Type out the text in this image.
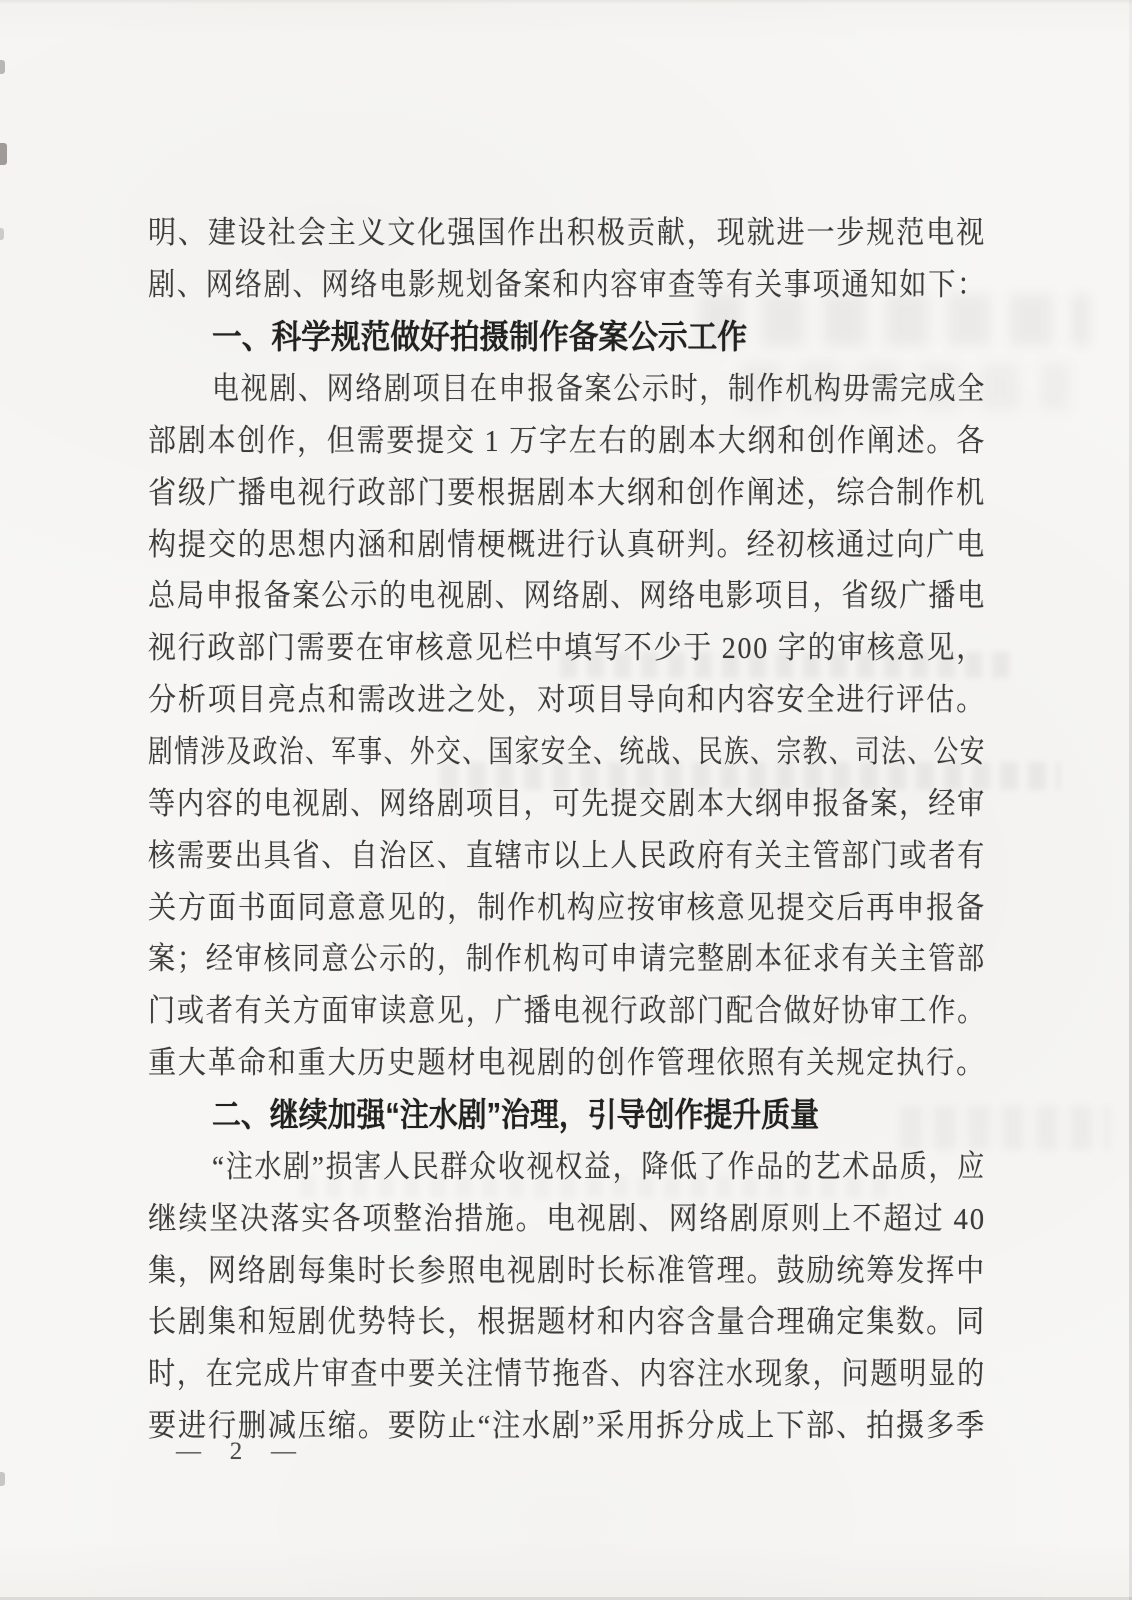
明、建设社会主义文化强国作出积极贡献，现就进一步规范电视
剧、网络剧、网络电影规划备案和内容审查等有关事项通知如下：
一、科学规范做好拍摄制作备案公示工作
电视剧、网络剧项目在申报备案公示时，制作机构毋需完成全
部剧本创作，但需要提交 1 万字左右的剧本大纲和创作阐述。各
省级广播电视行政部门要根据剧本大纲和创作阐述，综合制作机
构提交的思想内涵和剧情梗概进行认真研判。经初核通过向广电
总局申报备案公示的电视剧、网络剧、网络电影项目，省级广播电
视行政部门需要在审核意见栏中填写不少于 200 字的审核意见，
分析项目亮点和需改进之处，对项目导向和内容安全进行评估。
剧情涉及政治、军事、外交、国家安全、统战、民族、宗教、司法、公安
等内容的电视剧、网络剧项目，可先提交剧本大纲申报备案，经审
核需要出具省、自治区、直辖市以上人民政府有关主管部门或者有
关方面书面同意意见的，制作机构应按审核意见提交后再申报备
案；经审核同意公示的，制作机构可申请完整剧本征求有关主管部
门或者有关方面审读意见，广播电视行政部门配合做好协审工作。
重大革命和重大历史题材电视剧的创作管理依照有关规定执行。
二、继续加强“注水剧”治理，引导创作提升质量
“注水剧”损害人民群众收视权益，降低了作品的艺术品质，应
继续坚决落实各项整治措施。电视剧、网络剧原则上不超过 40
集，网络剧每集时长参照电视剧时长标准管理。鼓励统筹发挥中
长剧集和短剧优势特长，根据题材和内容含量合理确定集数。同
时，在完成片审查中要关注情节拖沓、内容注水现象，问题明显的
要进行删减压缩。要防止“注水剧”采用拆分成上下部、拍摄多季
— 2 —
